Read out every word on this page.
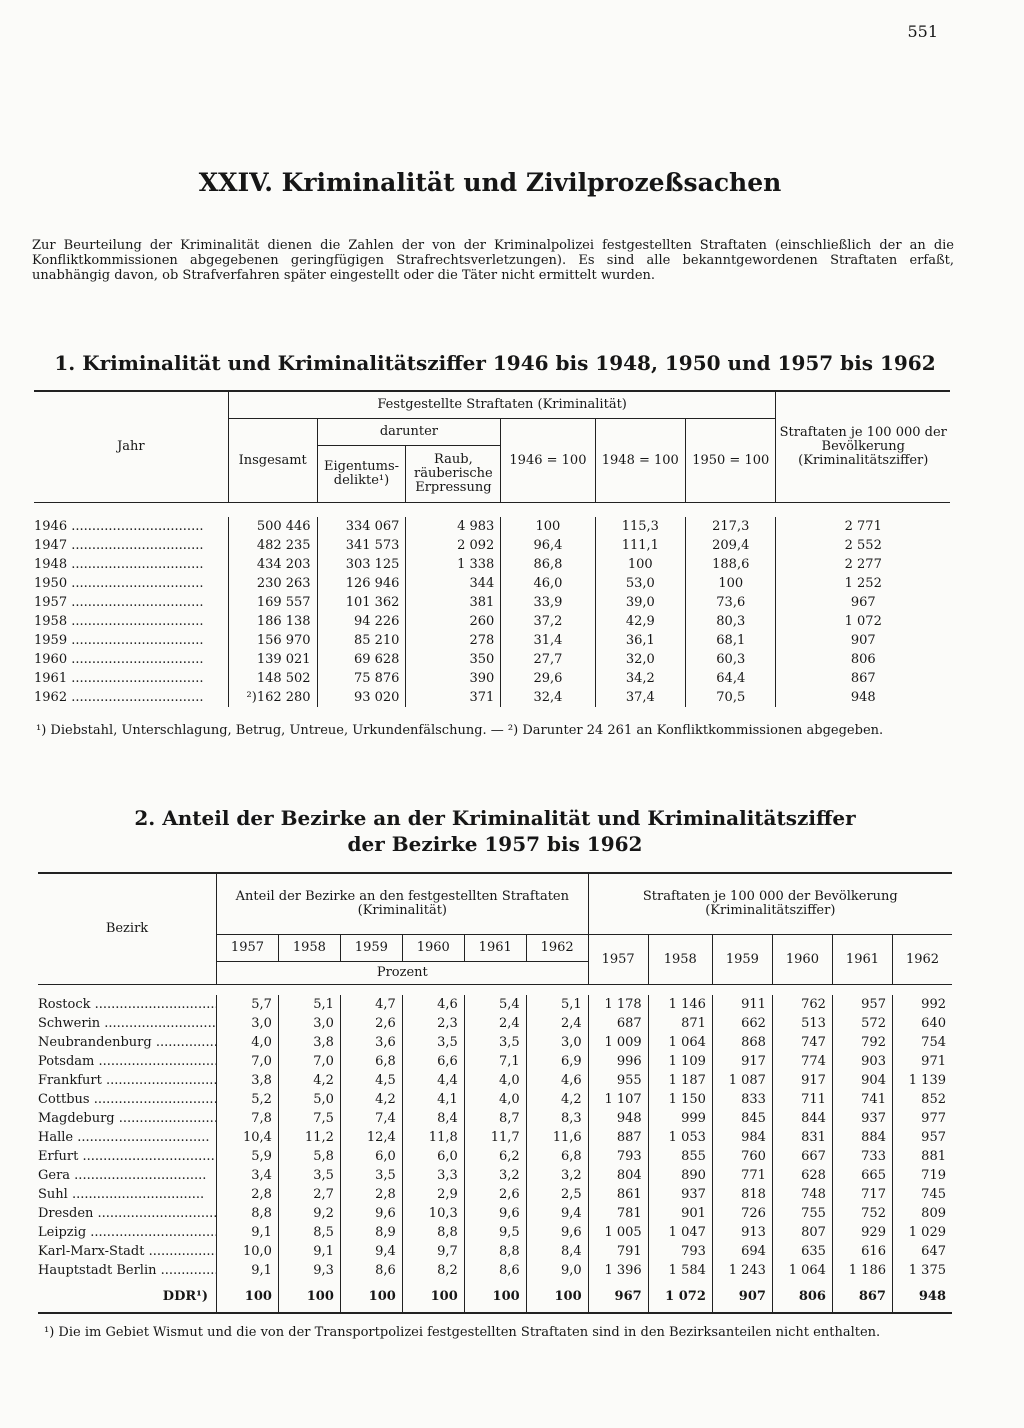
551
XXIV. Kriminalität und Zivilprozeßsachen

Zur Beurteilung der Kriminalität dienen die Zahlen der von der Kriminalpolizei festgestellten Straftaten (einschließlich der an die Konfliktkommissionen abgegebenen geringfügigen Strafrechtsverletzungen). Es sind alle bekanntgewordenen Straftaten erfaßt, unabhängig davon, ob Strafverfahren später eingestellt oder die Täter nicht ermittelt wurden.

1. Kriminalität und Kriminalitätsziffer 1946 bis 1948, 1950 und 1957 bis 1962
Jahr	Festgestellte Straftaten (Kriminalität)						Straftaten je 100 000 der Bevölkerung (Kriminalitätsziffer)
	Insgesamt	darunter		1946 = 100	1948 = 100	1950 = 100	
		Eigentums-delikte¹)	Raub, räuberische Erpressung				

1946 .....	500 446	334 067	4 983	100	115,3	217,3	2 771
1947 .....	482 235	341 573	2 092	96,4	111,1	209,4	2 552
1948 .....	434 203	303 125	1 338	86,8	100	188,6	2 277
1950 .....	230 263	126 946	344	46,0	53,0	100	1 252
1957 .....	169 557	101 362	381	33,9	39,0	73,6	967
1958 .....	186 138	94 226	260	37,2	42,9	80,3	1 072
1959 .....	156 970	85 210	278	31,4	36,1	68,1	907
1960 .....	139 021	69 628	350	27,7	32,0	60,3	806
1961 .....	148 502	75 876	390	29,6	34,2	64,4	867
1962 .....	²)162 280	93 020	371	32,4	37,4	70,5	948
¹) Diebstahl, Unterschlagung, Betrug, Untreue, Urkundenfälschung. — ²) Darunter 24 261 an Konfliktkommissionen abgegeben.
2. Anteil der Bezirke an der Kriminalität und Kriminalitätsziffer
der Bezirke 1957 bis 1962
Bezirk	Anteil der Bezirke an den festgestellten Straftaten (Kriminalität)						Straftaten je 100 000 der Bevölkerung (Kriminalitätsziffer)					
	1957	1958	1959	1960	1961	1962	1957	1958	1959	1960	1961	1962
	Prozent											

Rostock .....	5,7	5,1	4,7	4,6	5,4	5,1	1 178	1 146	911	762	957	992
Schwerin .....	3,0	3,0	2,6	2,3	2,4	2,4	687	871	662	513	572	640
Neubrandenburg .....	4,0	3,8	3,6	3,5	3,5	3,0	1 009	1 064	868	747	792	754
Potsdam .....	7,0	7,0	6,8	6,6	7,1	6,9	996	1 109	917	774	903	971
Frankfurt .....	3,8	4,2	4,5	4,4	4,0	4,6	955	1 187	1 087	917	904	1 139
Cottbus .....	5,2	5,0	4,2	4,1	4,0	4,2	1 107	1 150	833	711	741	852
Magdeburg .....	7,8	7,5	7,4	8,4	8,7	8,3	948	999	845	844	937	977
Halle .....	10,4	11,2	12,4	11,8	11,7	11,6	887	1 053	984	831	884	957
Erfurt .....	5,9	5,8	6,0	6,0	6,2	6,8	793	855	760	667	733	881
Gera .....	3,4	3,5	3,5	3,3	3,2	3,2	804	890	771	628	665	719
Suhl .....	2,8	2,7	2,8	2,9	2,6	2,5	861	937	818	748	717	745
Dresden .....	8,8	9,2	9,6	10,3	9,6	9,4	781	901	726	755	752	809
Leipzig .....	9,1	8,5	8,9	8,8	9,5	9,6	1 005	1 047	913	807	929	1 029
Karl-Marx-Stadt .....	10,0	9,1	9,4	9,7	8,8	8,4	791	793	694	635	616	647
Hauptstadt Berlin .....	9,1	9,3	8,6	8,2	8,6	9,0	1 396	1 584	1 243	1 064	1 186	1 375
DDR¹)	100	100	100	100	100	100	967	1 072	907	806	867	948
¹) Die im Gebiet Wismut und die von der Transportpolizei festgestellten Straftaten sind in den Bezirksanteilen nicht enthalten.
